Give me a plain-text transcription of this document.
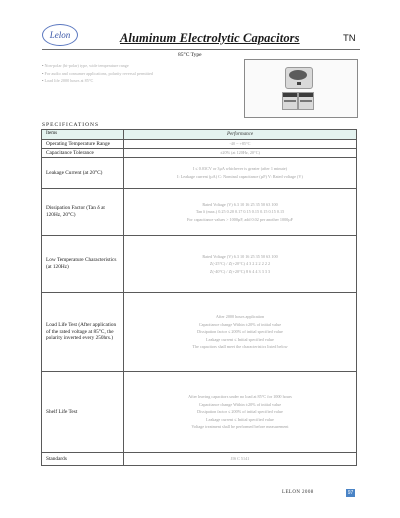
Lelon	Aluminum Electrolytic Capacitors	TN
85°C Type
• Non-polar (bi-polar) type, wide temperature range
• For audio and consumer applications, polarity reversal permitted
• Load life 2000 hours at 85°C
SPECIFICATIONS
Items	Performance
Operating Temperature Range	-40 ~ +85°C

Capacitance Tolerance	±20% (at 120Hz, 20°C)

Leakage Current (at 20°C)	I ≤ 0.03CV or 3µA whichever is greater (after 1 minute)
I: Leakage current (µA) C: Nominal capacitance (µF) V: Rated voltage (V)

Dissipation Factor (Tan δ at 120Hz, 20°C)	Rated Voltage (V) 6.3 10 16 25 35 50 63 100
Tan δ (max.) 0.25 0.20 0.17 0.15 0.15 0.15 0.15 0.15
For capacitance values > 1000µF, add 0.02 per another 1000µF

Low Temperature Characteristics (at 120Hz)	Rated Voltage (V) 6.3 10 16 25 35 50 63 100
Z(-25°C) / Z(+20°C) 4 3 2 2 2 2 2 2
Z(-40°C) / Z(+20°C) 8 6 4 4 3 3 3 3

Load Life Test (After application of the rated voltage at 85°C, the polarity inverted every 250hrs.)	After 2000 hours application
Capacitance change Within ±20% of initial value
Dissipation factor ≤ 200% of initial specified value
Leakage current ≤ Initial specified value
The capacitors shall meet the characteristics listed below

Shelf Life Test	After leaving capacitors under no load at 85°C for 1000 hours
Capacitance change Within ±20% of initial value
Dissipation factor ≤ 200% of initial specified value
Leakage current ≤ Initial specified value
Voltage treatment shall be performed before measurement

Standards	JIS C 5141
LELON 2008	97
